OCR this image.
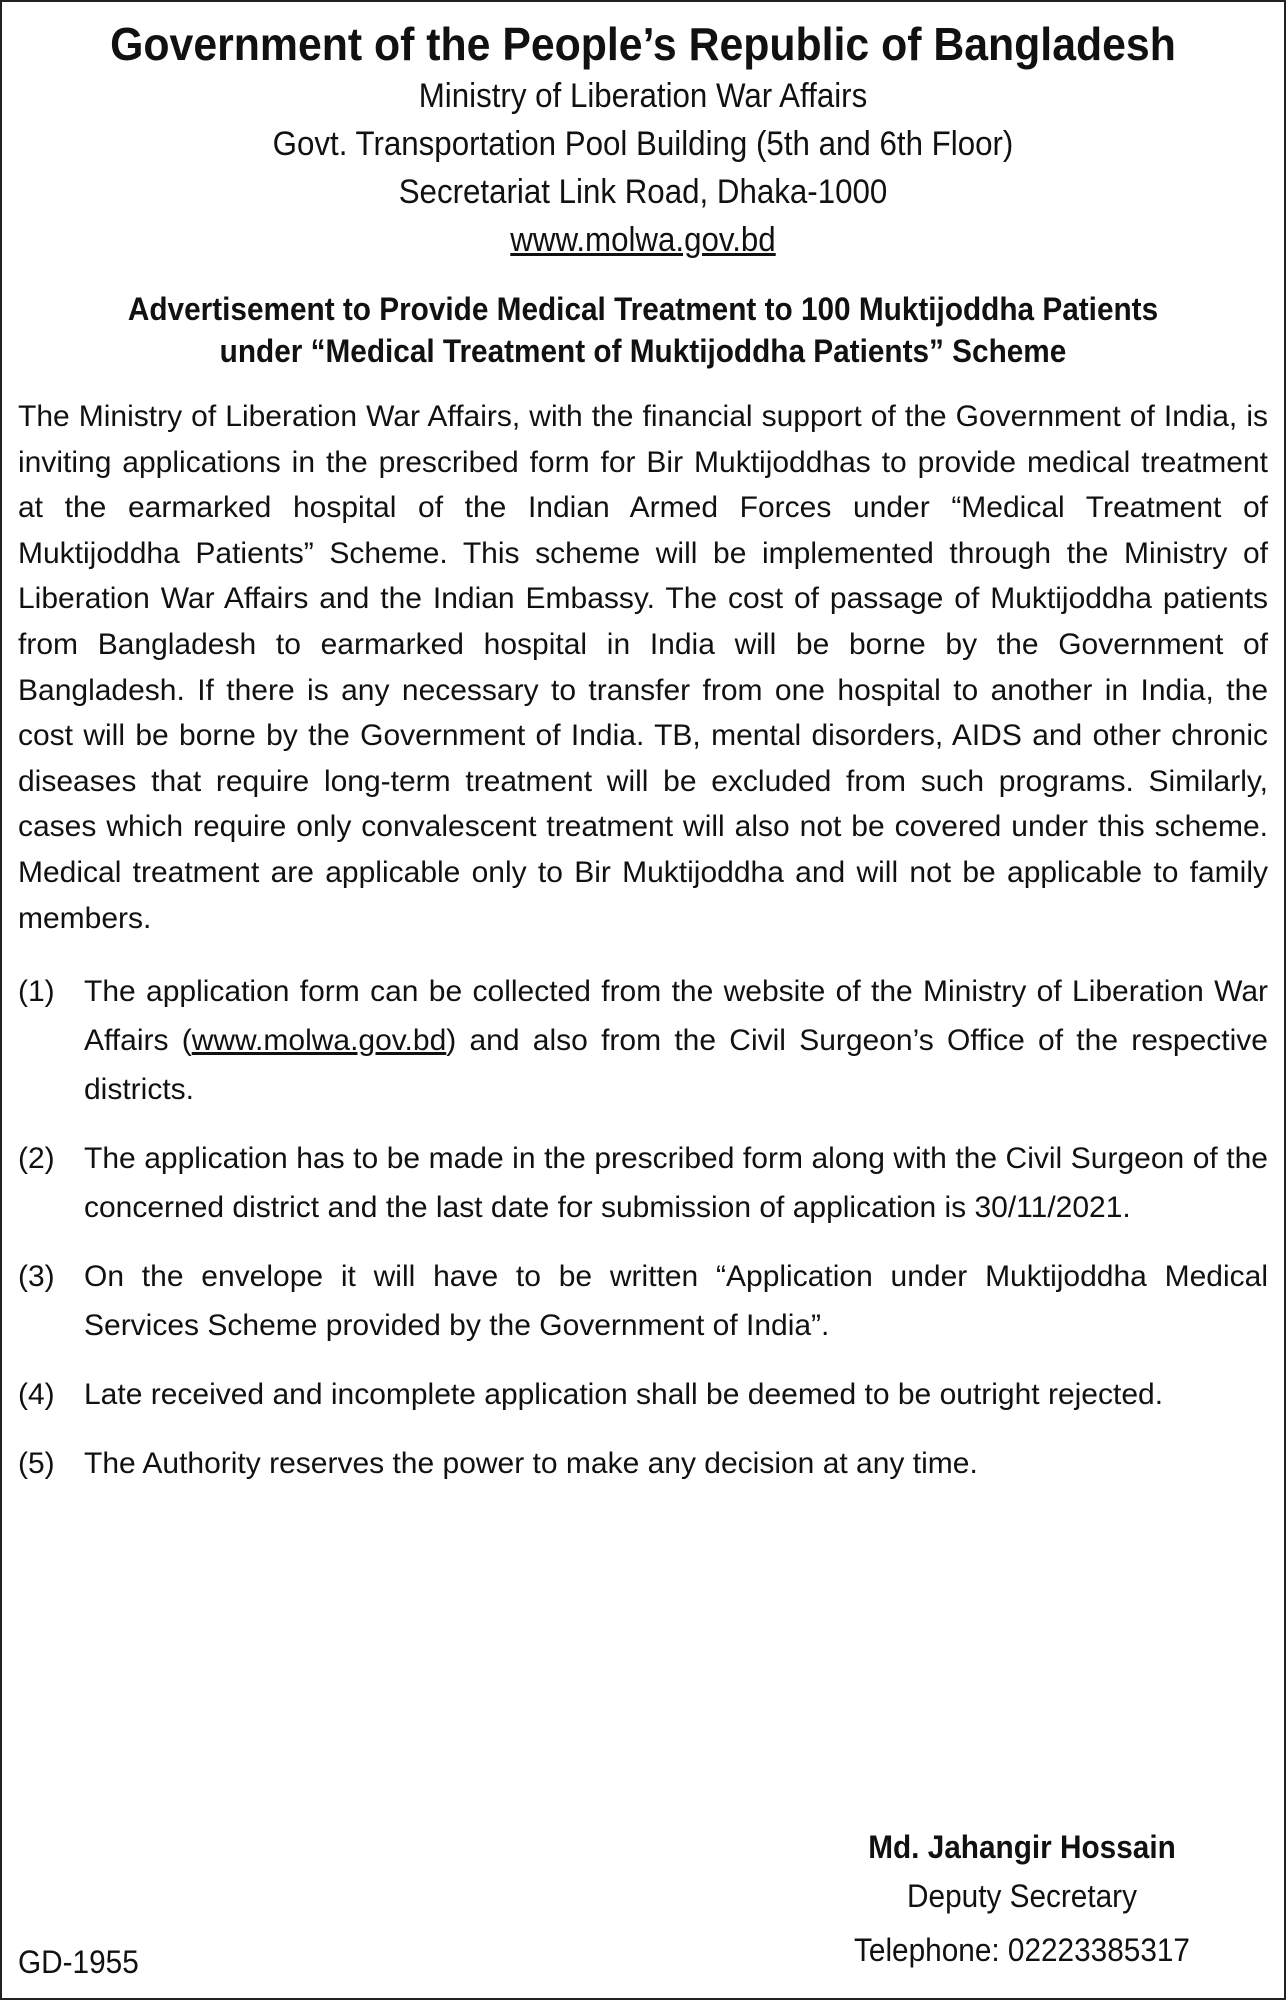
Government of the People’s Republic of Bangladesh
Ministry of Liberation War Affairs
Govt. Transportation Pool Building (5th and 6th Floor)
Secretariat Link Road, Dhaka-1000
www.molwa.gov.bd
Advertisement to Provide Medical Treatment to 100 Muktijoddha Patients
under “Medical Treatment of Muktijoddha Patients” Scheme
The Ministry of Liberation War Affairs, with the financial support of the Government of India, is inviting applications in the prescribed form for Bir Muktijoddhas to provide medical treatment at the earmarked hospital of the Indian Armed Forces under “Medical Treatment of Muktijoddha Patients” Scheme. This scheme will be implemented through the Ministry of Liberation War Affairs and the Indian Embassy. The cost of passage of Muktijoddha patients from Bangladesh to earmarked hospital in India will be borne by the Government of Bangladesh. If there is any necessary to transfer from one hospital to another in India, the cost will be borne by the Government of India. TB, mental disorders, AIDS and other chronic diseases that require long-term treatment will be excluded from such programs. Similarly, cases which require only convalescent treatment will also not be covered under this scheme. Medical treatment are applicable only to Bir Muktijoddha and will not be applicable to family members.
(1) The application form can be collected from the website of the Ministry of Liberation War Affairs (www.molwa.gov.bd) and also from the Civil Surgeon’s Office of the respective districts.
(2) The application has to be made in the prescribed form along with the Civil Surgeon of the concerned district and the last date for submission of application is 30/11/2021.
(3) On the envelope it will have to be written “Application under Muktijoddha Medical Services Scheme provided by the Government of India”.
(4) Late received and incomplete application shall be deemed to be outright rejected.
(5) The Authority reserves the power to make any decision at any time.
Md. Jahangir Hossain
Deputy Secretary
Telephone: 02223385317
GD-1955
